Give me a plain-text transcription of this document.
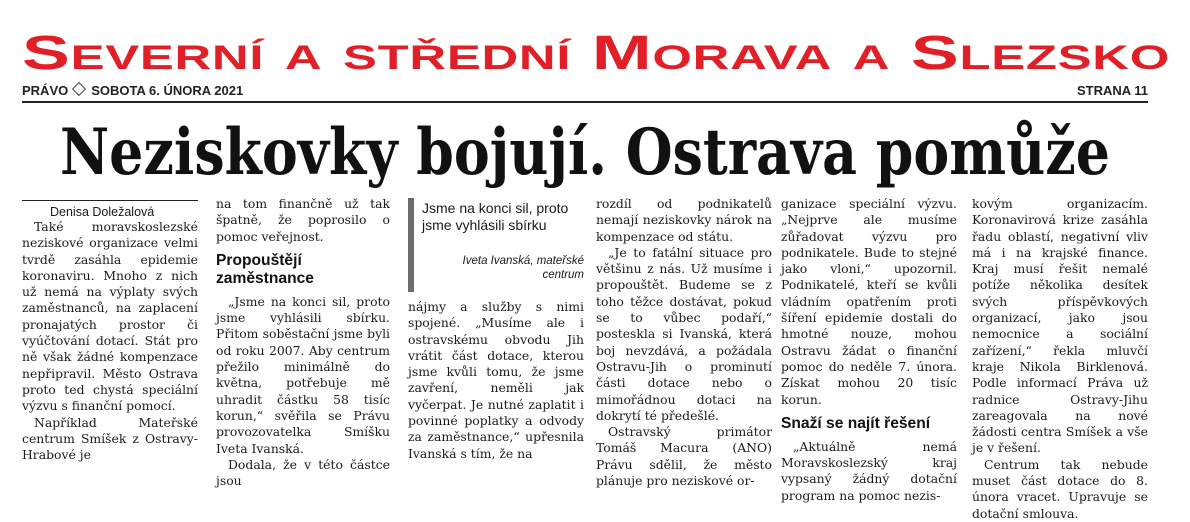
Severní a střední Morava a Slezsko
PRÁVO SOBOTA 6. ÚNORA 2021	STRANA 11
Neziskovky bojují. Ostrava pomůže
Denisa Doležalová

Také moravskoslezské neziskové organizace velmi tvrdě zasáhla epidemie koronaviru. Mnoho z nich už nemá na výplaty svých zaměstnanců, na zaplacení pronajatých prostor či vyúčtování dotací. Stát pro ně však žádné kompenzace nepřipravil. Město Ostrava proto ted chystá speciální výzvu s finanční pomocí.

Například Mateřské centrum Smíšek z Ostravy-Hrabové je

na tom finančně už tak špatně, že poprosilo o pomoc veřejnost.

Propouštějí zaměstnance

„Jsme na konci sil, proto jsme vyhlásili sbírku. Přitom soběstační jsme byli od roku 2007. Aby centrum přežilo minimálně do května, potřebuje mě uhradit částku 58 tisíc korun,“ svěřila se Právu provozovatelka Smíšku Iveta Ivanská.

Dodala, že v této částce jsou

Jsme na konci sil, proto jsme vyhlásili sbírku
Iveta Ivanská, mateřské centrum

nájmy a služby s nimi spojené. „Musíme ale i ostravskému obvodu Jih vrátit část dotace, kterou jsme kvůli tomu, že jsme zavření, neměli jak vyčerpat. Je nutné zaplatit i povinné poplatky a odvody za zaměstnance,“ upřesnila Ivanská s tím, že na

rozdíl od podnikatelů nemají neziskovky nárok na kompenzace od státu.

„Je to fatální situace pro většinu z nás. Už musíme i propouštět. Budeme se z toho těžce dostávat, pokud se to vůbec podaří,“ posteskla si Ivanská, která boj nevzdává, a požádala Ostravu-Jih o prominutí části dotace nebo o mimořádnou dotaci na dokrytí té předešlé.

Ostravský primátor Tomáš Macura (ANO) Právu sdělil, že město plánuje pro neziskové or-

ganizace speciální výzvu. „Nejprve ale musíme zůřadovat výzvu pro podnikatele. Bude to stejné jako vloni,“ upozornil. Podnikatelé, kteří se kvůli vládním opatřením proti šíření epidemie dostali do hmotné nouze, mohou Ostravu žádat o finanční pomoc do neděle 7. února. Získat mohou 20 tisíc korun.

Snaží se najít řešení

„Aktuálně nemá Moravskoslezský kraj vypsaný žádný dotační program na pomoc nezis-

kovým organizacím. Koronavirová krize zasáhla řadu oblastí, negativní vliv má i na krajské finance. Kraj musí řešit nemalé potíže několika desítek svých příspěvkových organizací, jako jsou nemocnice a sociální zařízení,“ řekla mluvčí kraje Nikola Birklenová. Podle informací Práva už radnice Ostravy-Jihu zareagovala na nové žádosti centra Smíšek a vše je v řešení.

Centrum tak nebude muset část dotace do 8. února vracet. Upravuje se dotační smlouva.
